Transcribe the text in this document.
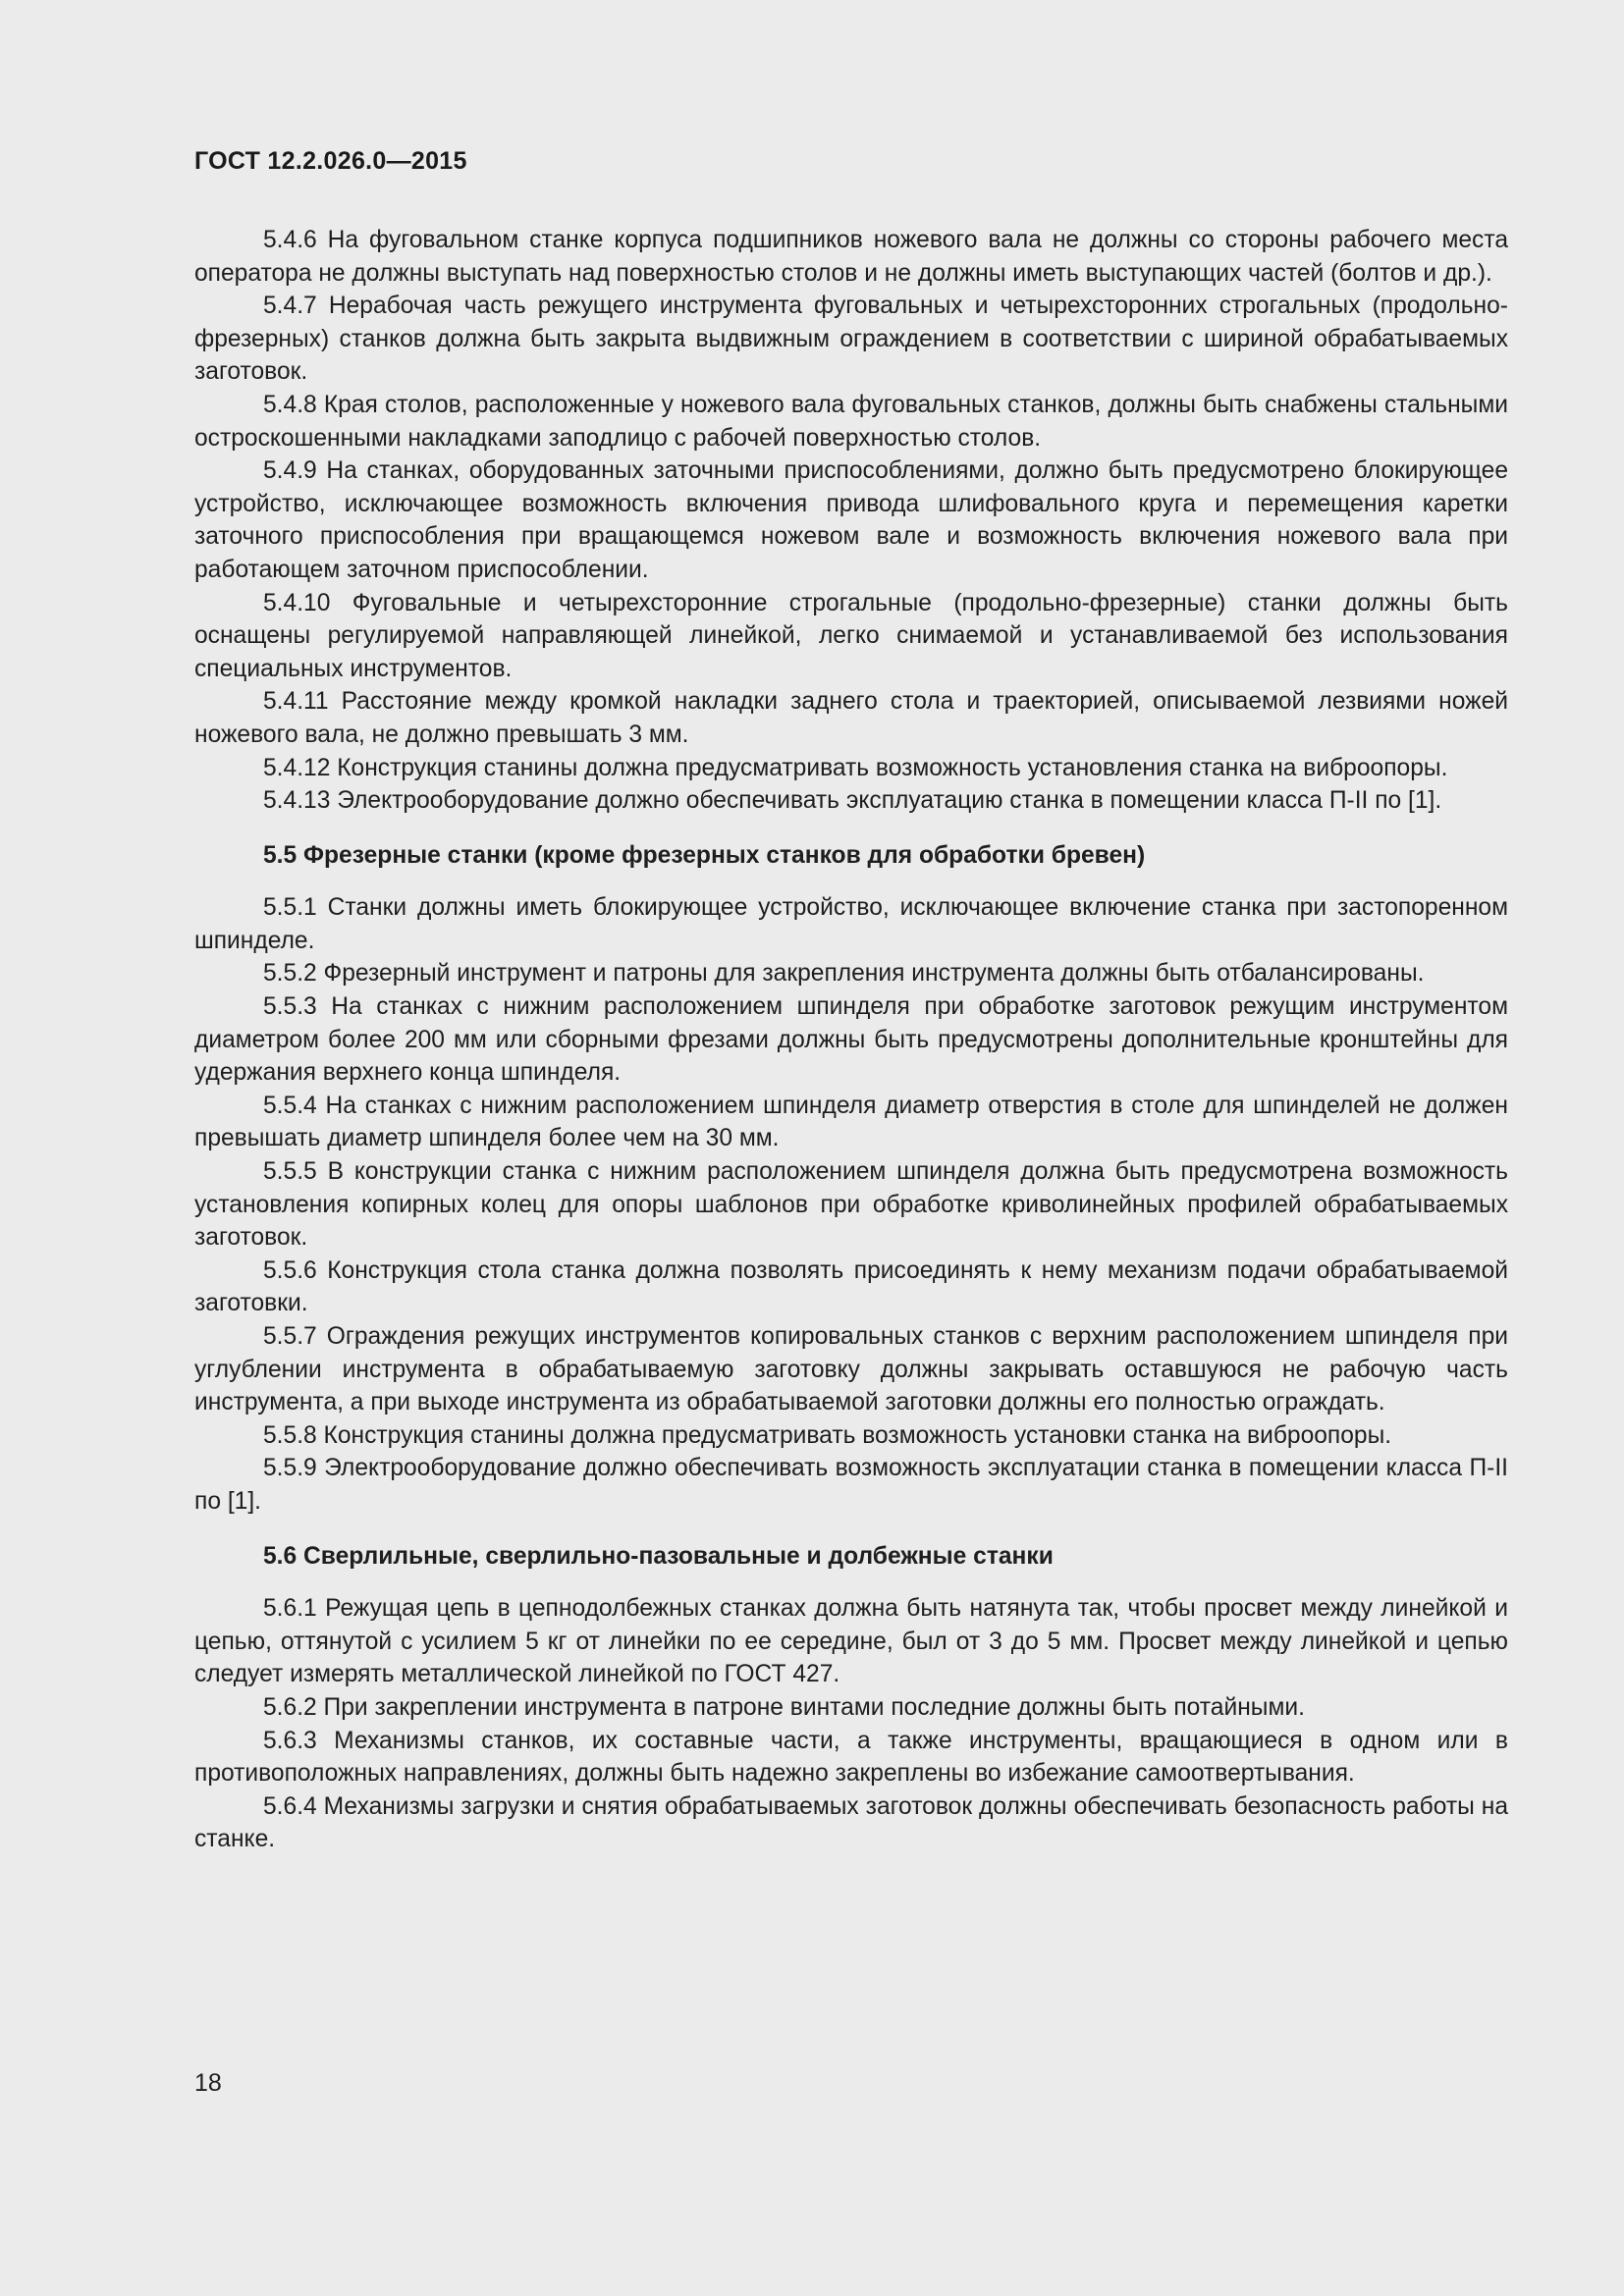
ГОСТ 12.2.026.0—2015

5.4.6 На фуговальном станке корпуса подшипников ножевого вала не должны со стороны рабочего места оператора не должны выступать над поверхностью столов и не должны иметь выступающих частей (болтов и др.).

5.4.7 Нерабочая часть режущего инструмента фуговальных и четырехсторонних строгальных (продольно-фрезерных) станков должна быть закрыта выдвижным ограждением в соответствии с шириной обрабатываемых заготовок.

5.4.8 Края столов, расположенные у ножевого вала фуговальных станков, должны быть снабжены стальными остроскошенными накладками заподлицо с рабочей поверхностью столов.

5.4.9 На станках, оборудованных заточными приспособлениями, должно быть предусмотрено блокирующее устройство, исключающее возможность включения привода шлифовального круга и перемещения каретки заточного приспособления при вращающемся ножевом вале и возможность включения ножевого вала при работающем заточном приспособлении.

5.4.10 Фуговальные и четырехсторонние строгальные (продольно-фрезерные) станки должны быть оснащены регулируемой направляющей линейкой, легко снимаемой и устанавливаемой без использования специальных инструментов.

5.4.11 Расстояние между кромкой накладки заднего стола и траекторией, описываемой лезвиями ножей ножевого вала, не должно превышать 3 мм.

5.4.12 Конструкция станины должна предусматривать возможность установления станка на виброопоры.

5.4.13 Электрооборудование должно обеспечивать эксплуатацию станка в помещении класса П-II по [1].

5.5 Фрезерные станки (кроме фрезерных станков для обработки бревен)

5.5.1 Станки должны иметь блокирующее устройство, исключающее включение станка при застопоренном шпинделе.

5.5.2 Фрезерный инструмент и патроны для закрепления инструмента должны быть отбалансированы.

5.5.3 На станках с нижним расположением шпинделя при обработке заготовок режущим инструментом диаметром более 200 мм или сборными фрезами должны быть предусмотрены дополнительные кронштейны для удержания верхнего конца шпинделя.

5.5.4 На станках с нижним расположением шпинделя диаметр отверстия в столе для шпинделей не должен превышать диаметр шпинделя более чем на 30 мм.

5.5.5 В конструкции станка с нижним расположением шпинделя должна быть предусмотрена возможность установления копирных колец для опоры шаблонов при обработке криволинейных профилей обрабатываемых заготовок.

5.5.6 Конструкция стола станка должна позволять присоединять к нему механизм подачи обрабатываемой заготовки.

5.5.7 Ограждения режущих инструментов копировальных станков с верхним расположением шпинделя при углублении инструмента в обрабатываемую заготовку должны закрывать оставшуюся не рабочую часть инструмента, а при выходе инструмента из обрабатываемой заготовки должны его полностью ограждать.

5.5.8 Конструкция станины должна предусматривать возможность установки станка на виброопоры.

5.5.9 Электрооборудование должно обеспечивать возможность эксплуатации станка в помещении класса П-II по [1].

5.6 Сверлильные, сверлильно-пазовальные и долбежные станки

5.6.1 Режущая цепь в цепнодолбежных станках должна быть натянута так, чтобы просвет между линейкой и цепью, оттянутой с усилием 5 кг от линейки по ее середине, был от 3 до 5 мм. Просвет между линейкой и цепью следует измерять металлической линейкой по ГОСТ 427.

5.6.2 При закреплении инструмента в патроне винтами последние должны быть потайными.

5.6.3 Механизмы станков, их составные части, а также инструменты, вращающиеся в одном или в противоположных направлениях, должны быть надежно закреплены во избежание самоотвертывания.

5.6.4 Механизмы загрузки и снятия обрабатываемых заготовок должны обеспечивать безопасность работы на станке.

18
